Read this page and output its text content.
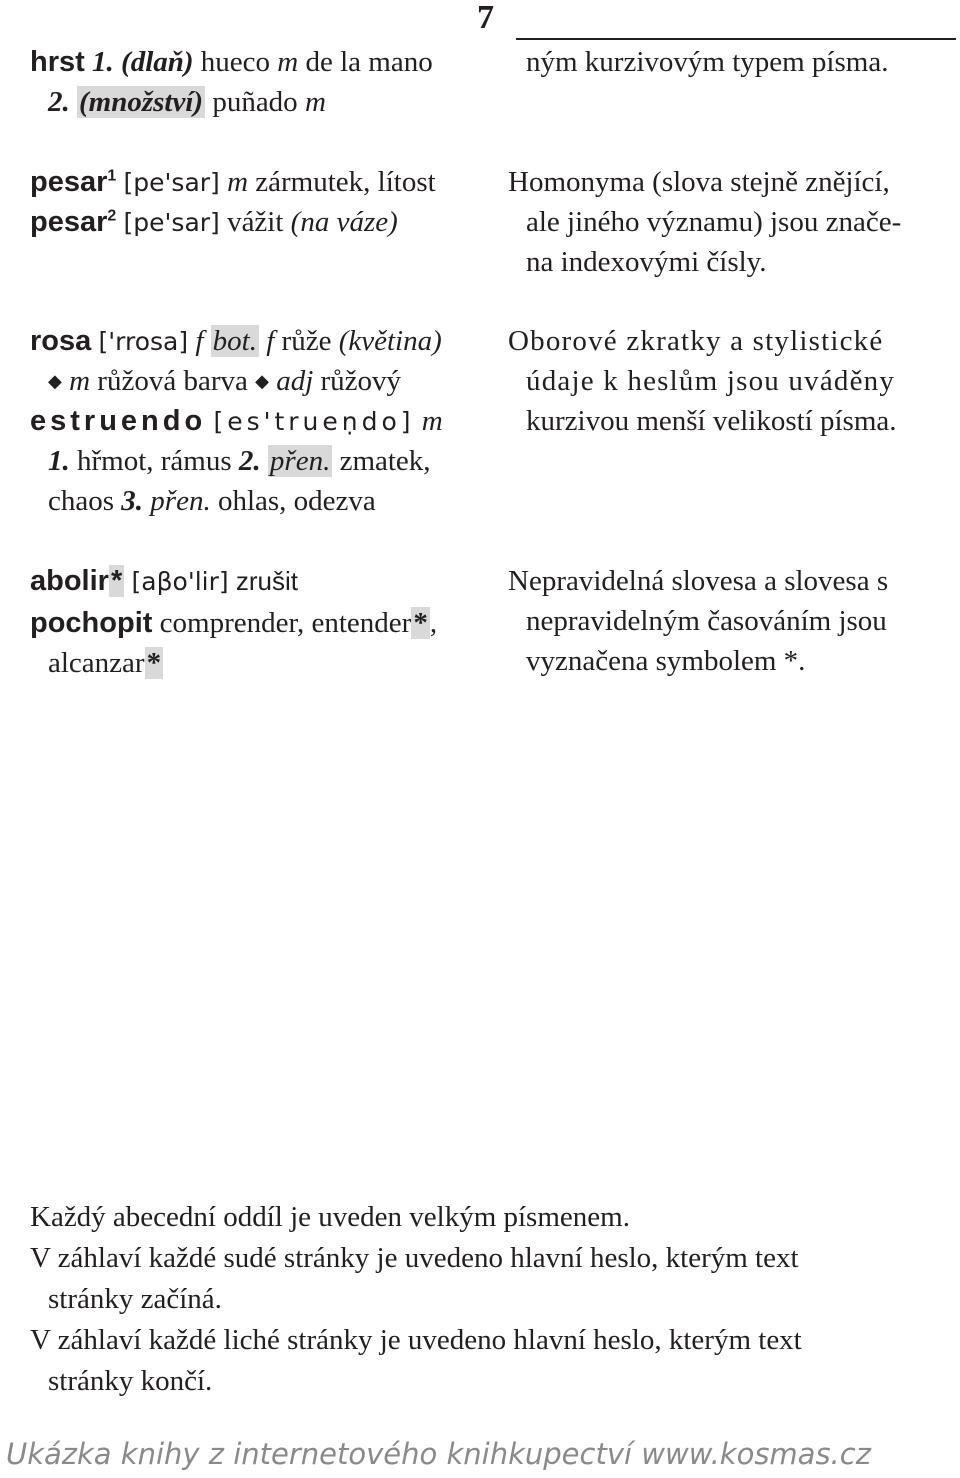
7
hrst 1. (dlaň) hueco m de la mano
2. (množství) puñado m
pesar$^1$ [pe'sar] m zármutek, lítost
pesar$^2$ [pe'sar] vážit (na váze)
rosa ['rrosa] f bot. f růže (květina)
◆ m růžová barva ◆ adj růžový
estruendo [es'trueṇdo] m
1. hřmot, rámus 2. přen. zmatek,
chaos 3. přen. ohlas, odezva
abolir* [aβo'lir] zrušit
pochopit comprender, entender*,
alcanzar*
ným kurzivovým typem písma.
Homonyma (slova stejně znějící,
ale jiného významu) jsou znače-
na indexovými čísly.
Oborové zkratky a stylistické
údaje k heslům jsou uváděny
kurzivou menší velikostí písma.
Nepravidelná slovesa a slovesa s
nepravidelným časováním jsou
vyznačena symbolem *.
Každý abecední oddíl je uveden velkým písmenem.
V záhlaví každé sudé stránky je uvedeno hlavní heslo, kterým text
stránky začíná.
V záhlaví každé liché stránky je uvedeno hlavní heslo, kterým text
stránky končí.
Ukázka knihy z internetového knihkupectví www.kosmas.cz
